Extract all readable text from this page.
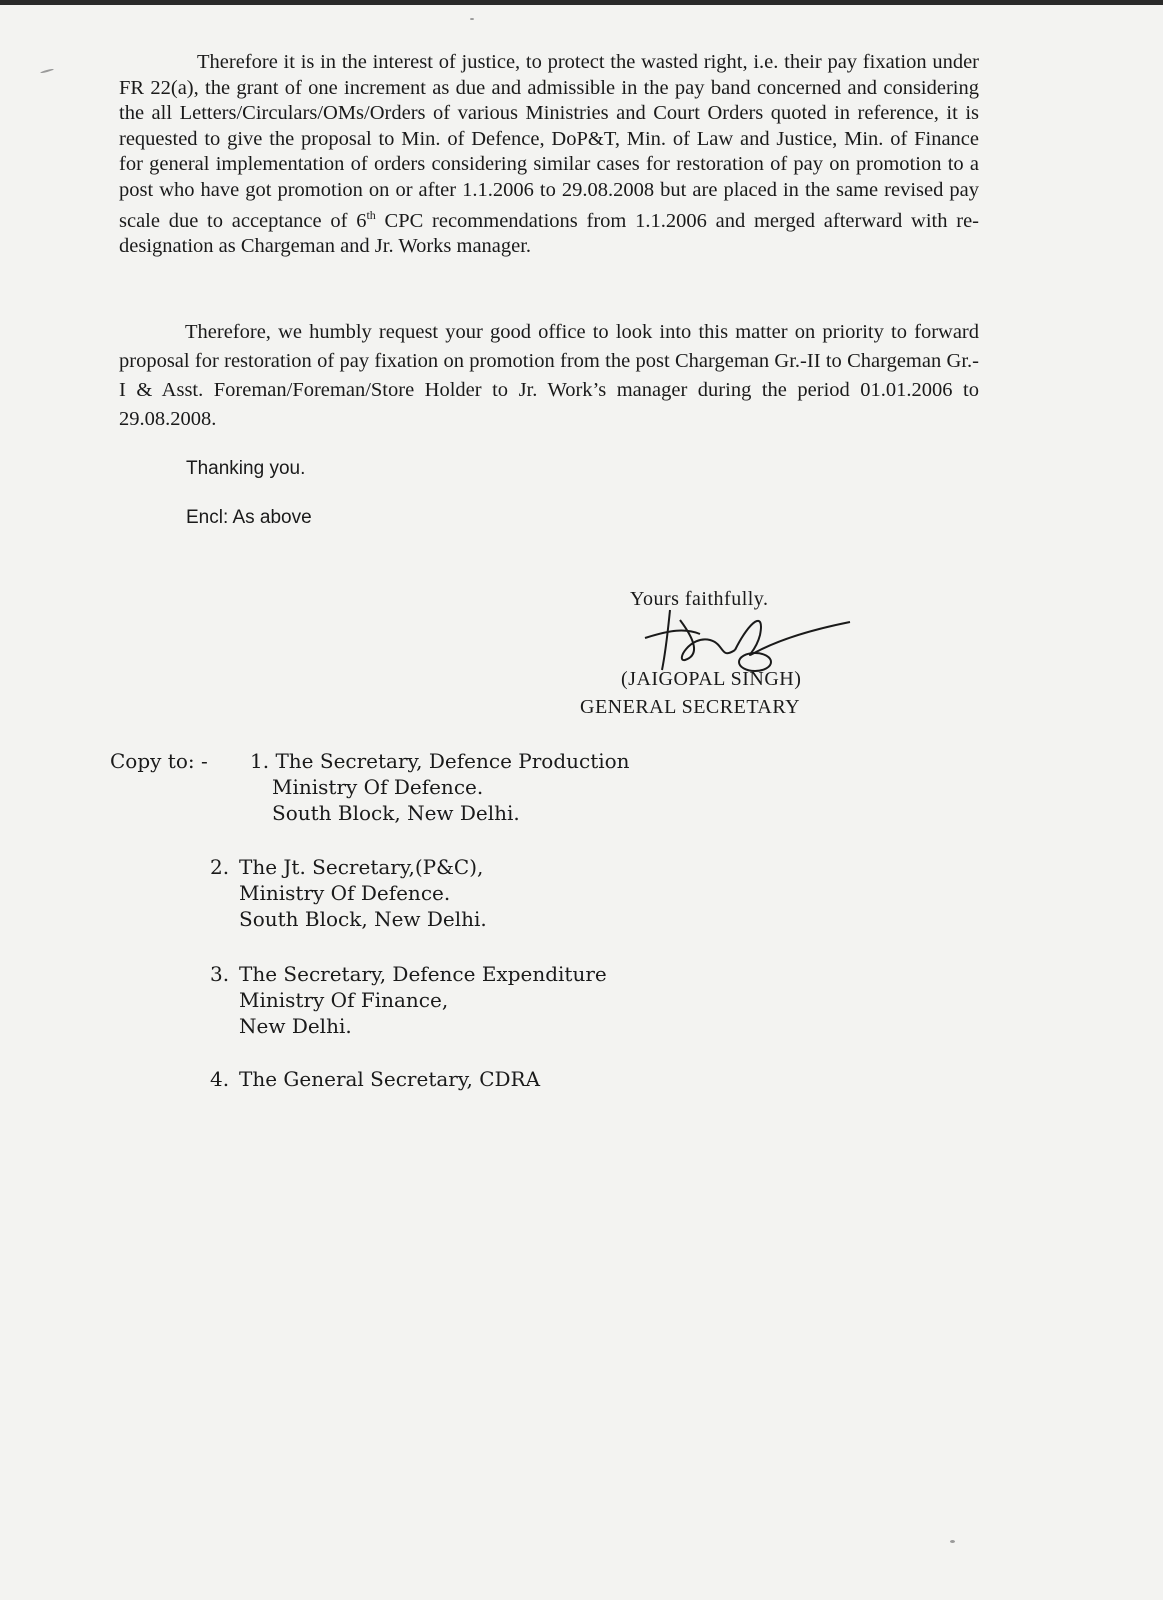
Therefore it is in the interest of justice, to protect the wasted right, i.e. their pay fixation under FR 22(a), the grant of one increment as due and admissible in the pay band concerned and considering the all Letters/Circulars/OMs/Orders of various Ministries and Court Orders quoted in reference, it is requested to give the proposal to Min. of Defence, DoP&T, Min. of Law and Justice, Min. of Finance for general implementation of orders considering similar cases for restoration of pay on promotion to a post who have got promotion on or after 1.1.2006 to 29.08.2008 but are placed in the same revised pay scale due to acceptance of 6th CPC recommendations from 1.1.2006 and merged afterward with re-designation as Chargeman and Jr. Works manager.

Therefore, we humbly request your good office to look into this matter on priority to forward proposal for restoration of pay fixation on promotion from the post Chargeman Gr.-II to Chargeman Gr.-I & Asst. Foreman/Foreman/Store Holder to Jr. Work’s manager during the period 01.01.2006 to 29.08.2008.

Thanking you.

Encl: As above

Yours faithfully.

(JAIGOPAL SINGH)

GENERAL SECRETARY

Copy to: - 1. The Secretary, Defence Production
Ministry Of Defence.
South Block, New Delhi.
2. The Jt. Secretary,(P&C),
Ministry Of Defence.
South Block, New Delhi.
3. The Secretary, Defence Expenditure
Ministry Of Finance,
New Delhi.
4. The General Secretary, CDRA
